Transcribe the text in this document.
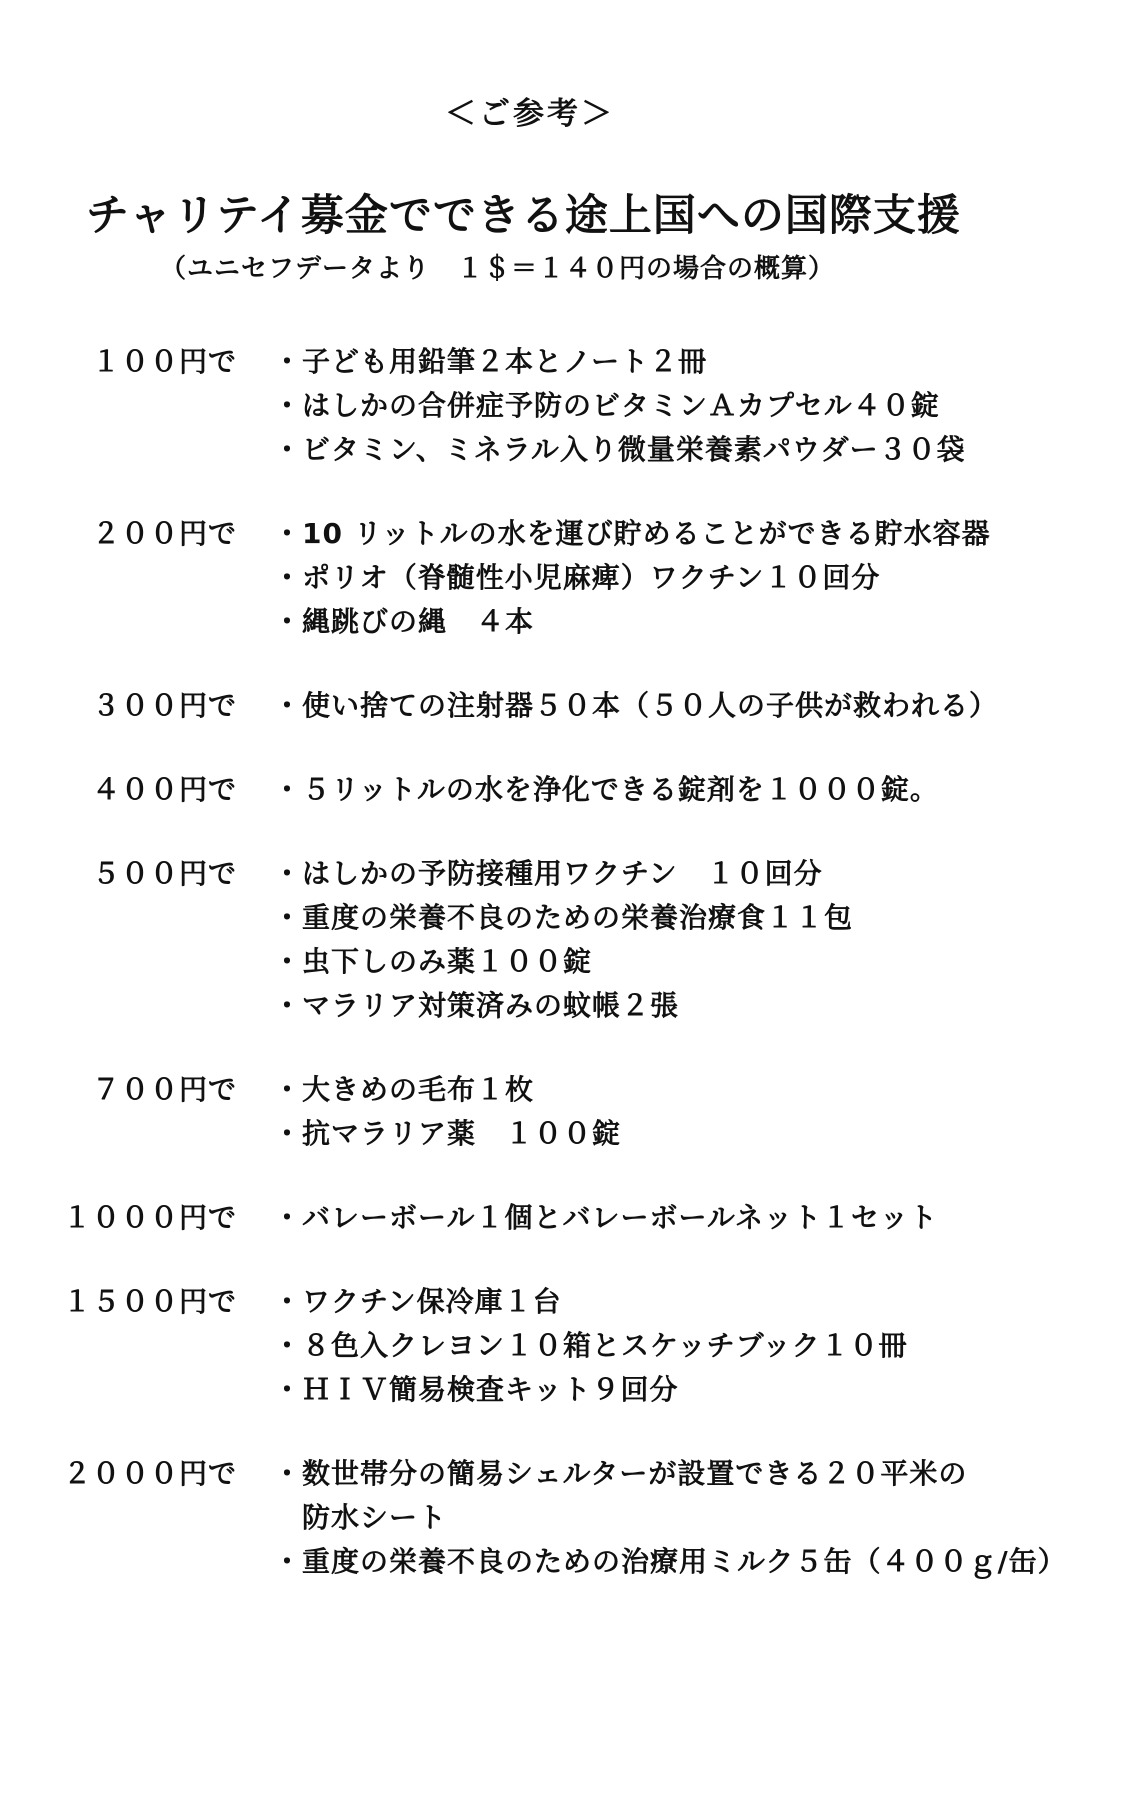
＜ご参考＞
チャリテイ募金でできる途上国への国際支援
（ユニセフデータより　１＄＝１４０円の場合の概算）
１００円で ・子ども用鉛筆２本とノート２冊
・はしかの合併症予防のビタミンＡカプセル４０錠
・ビタミン、ミネラル入り微量栄養素パウダー３０袋
２００円で ・10 リットルの水を運び貯めることができる貯水容器
・ポリオ（脊髄性小児麻痺）ワクチン１０回分
・縄跳びの縄　４本
３００円で ・使い捨ての注射器５０本（５０人の子供が救われる）
４００円で ・５リットルの水を浄化できる錠剤を１０００錠。
５００円で ・はしかの予防接種用ワクチン　１０回分
・重度の栄養不良のための栄養治療食１１包
・虫下しのみ薬１００錠
・マラリア対策済みの蚊帳２張
７００円で ・大きめの毛布１枚
・抗マラリア薬　１００錠
１０００円で ・バレーボール１個とバレーボールネット１セット
１５００円で ・ワクチン保冷庫１台
・８色入クレヨン１０箱とスケッチブック１０冊
・ＨＩＶ簡易検査キット９回分
２０００円で ・数世帯分の簡易シェルターが設置できる２０平米の
　防水シート
・重度の栄養不良のための治療用ミルク５缶（４００ｇ/缶）
